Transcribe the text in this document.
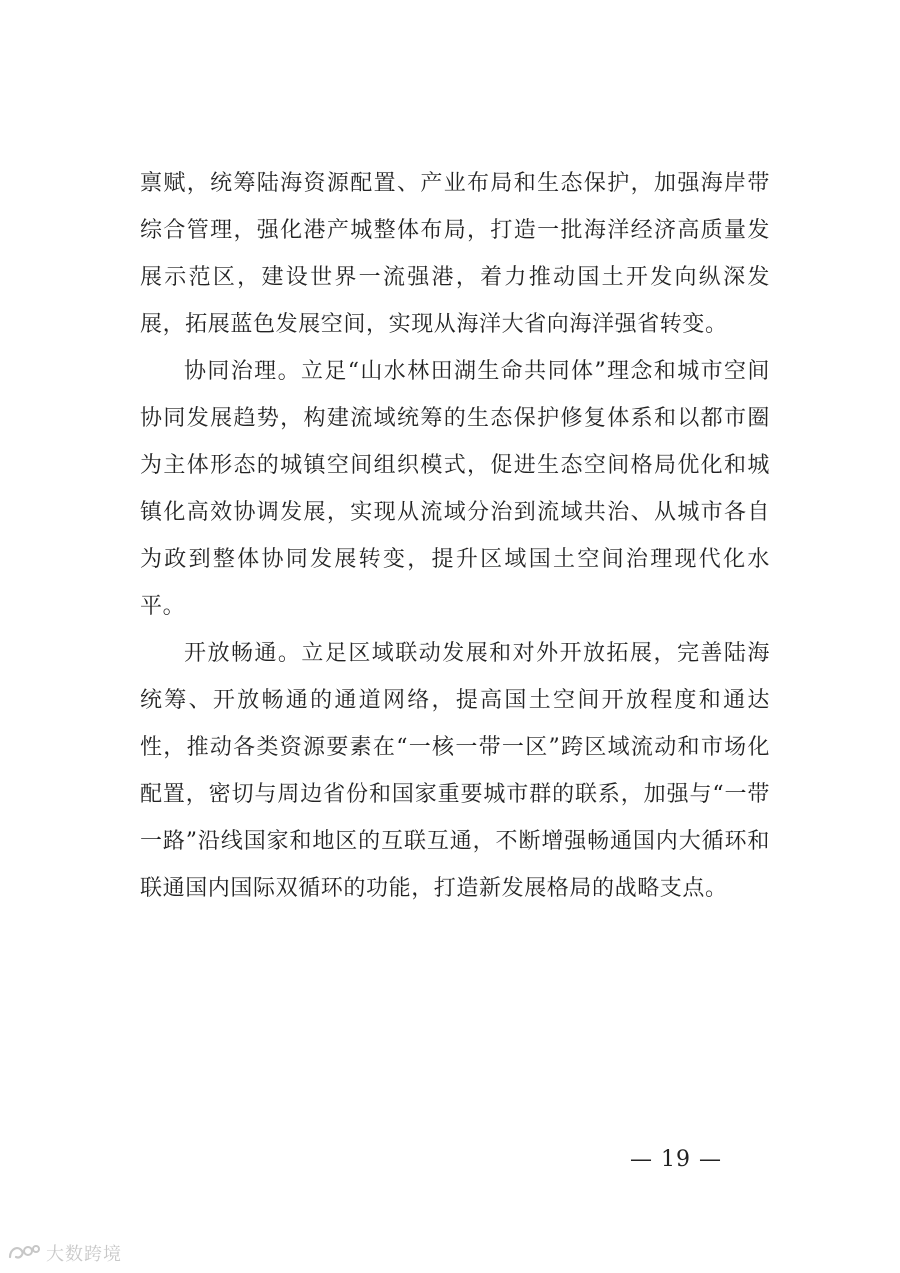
禀赋，统筹陆海资源配置、产业布局和生态保护，加强海岸带综合管理，强化港产城整体布局，打造一批海洋经济高质量发展示范区，建设世界一流强港，着力推动国土开发向纵深发展，拓展蓝色发展空间，实现从海洋大省向海洋强省转变。

协同治理。立足“山水林田湖生命共同体”理念和城市空间协同发展趋势，构建流域统筹的生态保护修复体系和以都市圈为主体形态的城镇空间组织模式，促进生态空间格局优化和城镇化高效协调发展，实现从流域分治到流域共治、从城市各自为政到整体协同发展转变，提升区域国土空间治理现代化水平。

开放畅通。立足区域联动发展和对外开放拓展，完善陆海统筹、开放畅通的通道网络，提高国土空间开放程度和通达性，推动各类资源要素在“一核一带一区”跨区域流动和市场化配置，密切与周边省份和国家重要城市群的联系，加强与“一带一路”沿线国家和地区的互联互通，不断增强畅通国内大循环和联通国内国际双循环的功能，打造新发展格局的战略支点。

— 19 —
大数跨境
